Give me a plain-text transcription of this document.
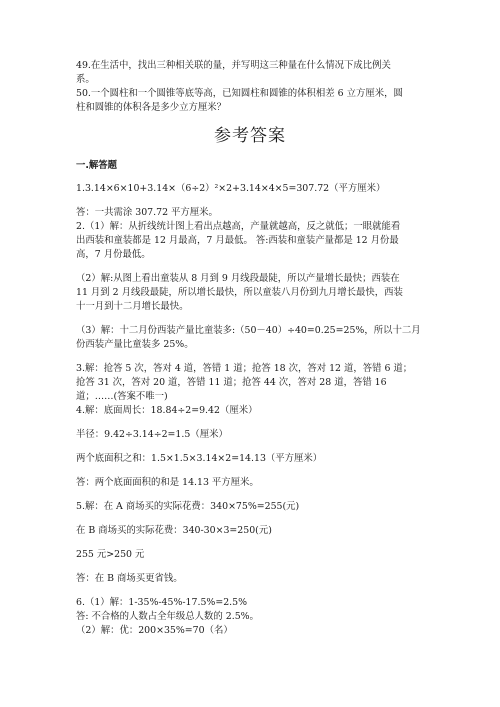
49.在生活中，找出三种相关联的量，并写明这三种量在什么情况下成比例关
系。
50.一个圆柱和一个圆锥等底等高，已知圆柱和圆锥的体积相差 6 立方厘米，圆
柱和圆锥的体积各是多少立方厘米？
参考答案
一.解答题
1.3.14×6×10+3.14×（6÷2）²×2+3.14×4×5=307.72（平方厘米）
答：一共需涂 307.72 平方厘米。
2.（1）解：从折线统计图上看出点越高，产量就越高，反之就低；一眼就能看
出西装和童装都是 12 月最高，7 月最低。 答:西装和童装产量都是 12 月份最
高，7 月份最低。
（2）解:从图上看出童装从 8 月到 9 月线段最陡，所以产量增长最快；西装在
11 月到 2 月线段最陡，所以增长最快，所以童装八月份到九月增长最快，西装
十一月到十二月增长最快。
（3）解：十二月份西装产量比童装多:（50－40）÷40=0.25=25%，所以十二月
份西装产量比童装多 25%。
3.解：抢答 5 次，答对 4 道，答错 1 道；抢答 18 次，答对 12 道，答错 6 道；
抢答 31 次，答对 20 道，答错 11 道；抢答 44 次，答对 28 道，答错 16
道；……(答案不唯一)
4.解：底面周长：18.84÷2=9.42（厘米）
半径：9.42÷3.14÷2=1.5（厘米）
两个底面积之和：1.5×1.5×3.14×2=14.13（平方厘米）
答：两个底面面积的和是 14.13 平方厘米。
5.解：在 A 商场买的实际花费：340×75%=255(元)
在 B 商场买的实际花费：340-30×3=250(元)
255 元>250 元
答：在 B 商场买更省钱。
6.（1）解：1-35%-45%-17.5%=2.5%
答: 不合格的人数占全年级总人数的 2.5%。
（2）解：优：200×35%=70（名）
